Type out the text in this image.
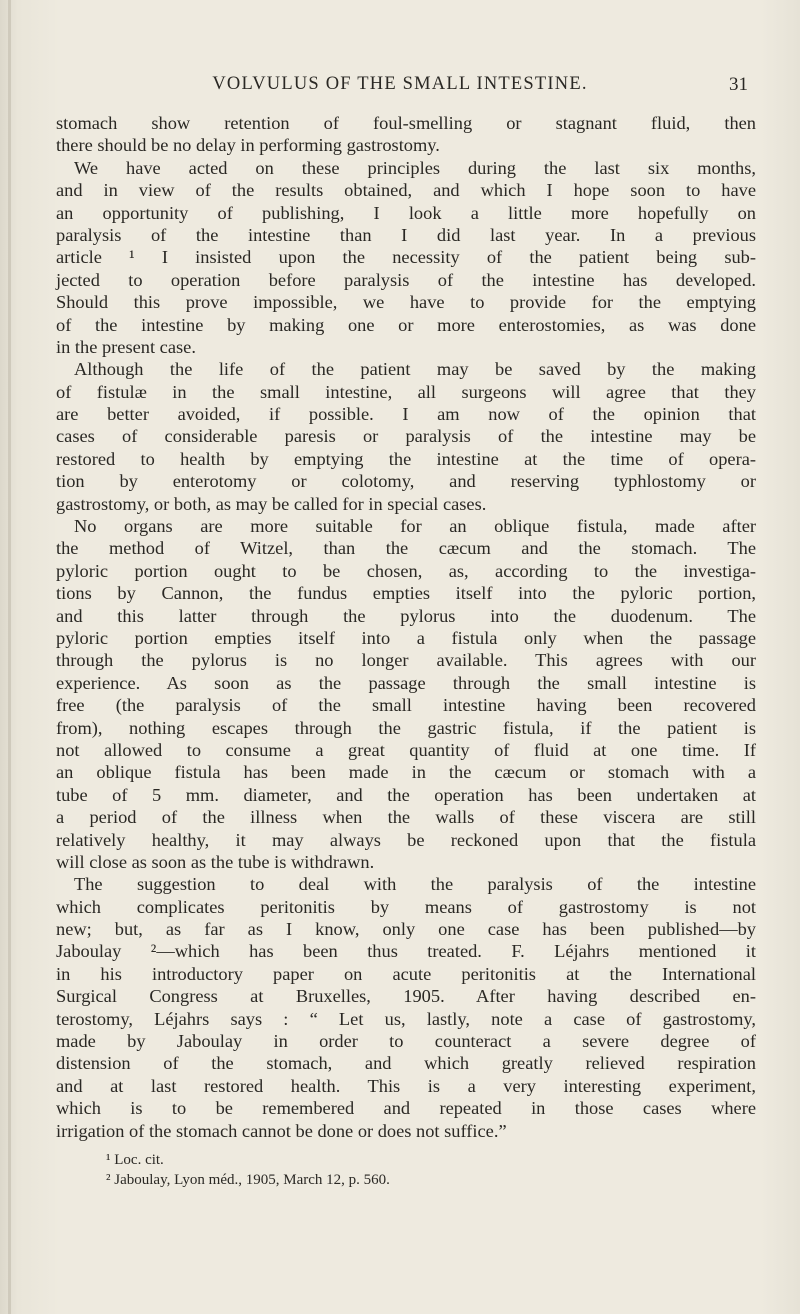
VOLVULUS OF THE SMALL INTESTINE.	31
stomach show retention of foul-smelling or stagnant fluid, then
there should be no delay in performing gastrostomy.
We have acted on these principles during the last six months,
and in view of the results obtained, and which I hope soon to have
an opportunity of publishing, I look a little more hopefully on
paralysis of the intestine than I did last year. In a previous
article ¹ I insisted upon the necessity of the patient being sub-
jected to operation before paralysis of the intestine has developed.
Should this prove impossible, we have to provide for the emptying
of the intestine by making one or more enterostomies, as was done
in the present case.
Although the life of the patient may be saved by the making
of fistulæ in the small intestine, all surgeons will agree that they
are better avoided, if possible. I am now of the opinion that
cases of considerable paresis or paralysis of the intestine may be
restored to health by emptying the intestine at the time of opera-
tion by enterotomy or colotomy, and reserving typhlostomy or
gastrostomy, or both, as may be called for in special cases.
No organs are more suitable for an oblique fistula, made after
the method of Witzel, than the cæcum and the stomach. The
pyloric portion ought to be chosen, as, according to the investiga-
tions by Cannon, the fundus empties itself into the pyloric portion,
and this latter through the pylorus into the duodenum. The
pyloric portion empties itself into a fistula only when the passage
through the pylorus is no longer available. This agrees with our
experience. As soon as the passage through the small intestine is
free (the paralysis of the small intestine having been recovered
from), nothing escapes through the gastric fistula, if the patient is
not allowed to consume a great quantity of fluid at one time. If
an oblique fistula has been made in the cæcum or stomach with a
tube of 5 mm. diameter, and the operation has been undertaken at
a period of the illness when the walls of these viscera are still
relatively healthy, it may always be reckoned upon that the fistula
will close as soon as the tube is withdrawn.
The suggestion to deal with the paralysis of the intestine
which complicates peritonitis by means of gastrostomy is not
new; but, as far as I know, only one case has been published—by
Jaboulay ²—which has been thus treated. F. Léjahrs mentioned it
in his introductory paper on acute peritonitis at the International
Surgical Congress at Bruxelles, 1905. After having described en-
terostomy, Léjahrs says : “ Let us, lastly, note a case of gastrostomy,
made by Jaboulay in order to counteract a severe degree of
distension of the stomach, and which greatly relieved respiration
and at last restored health. This is a very interesting experiment,
which is to be remembered and repeated in those cases where
irrigation of the stomach cannot be done or does not suffice.”
¹ Loc. cit.
² Jaboulay, Lyon méd., 1905, March 12, p. 560.
